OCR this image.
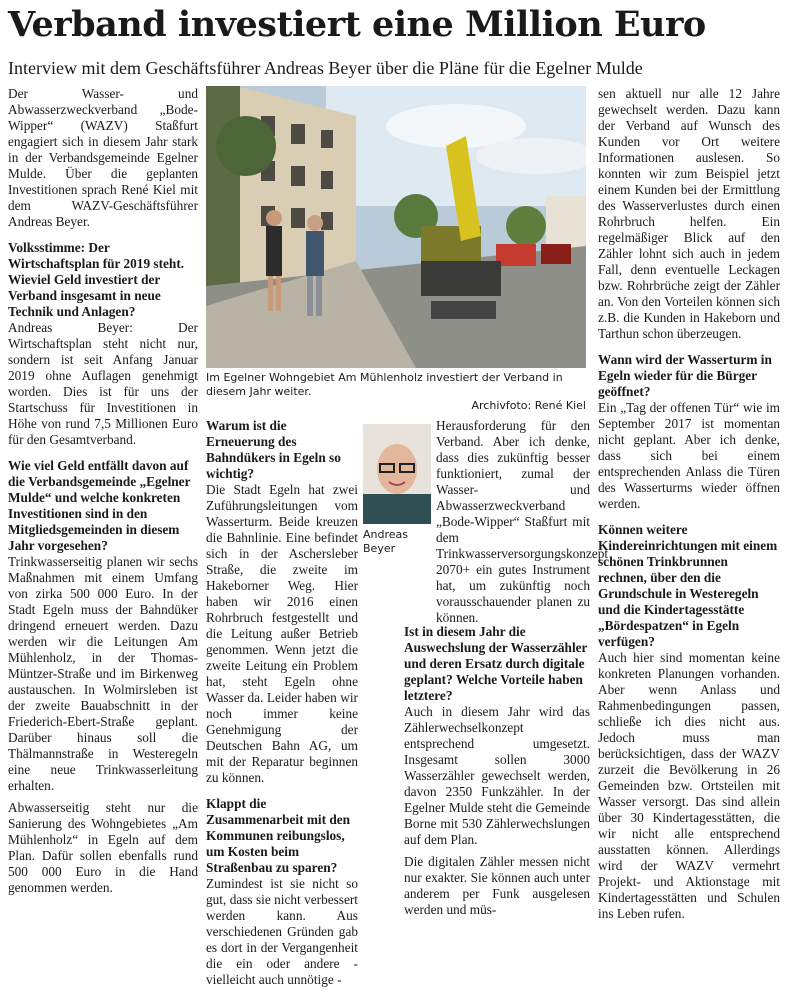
Verband investiert eine Million Euro
Interview mit dem Geschäftsführer Andreas Beyer über die Pläne für die Egelner Mulde

Der Wasser- und Abwasserzweckverband „Bode-Wipper“ (WAZV) Staßfurt engagiert sich in diesem Jahr stark in der Verbandsgemeinde Egelner Mulde. Über die geplanten Investitionen sprach René Kiel mit dem WAZV-Geschäftsführer Andreas Beyer.

Volksstimme: Der Wirtschaftsplan für 2019 steht. Wieviel Geld investiert der Verband insgesamt in neue Technik und Anlagen?

Andreas Beyer: Der Wirtschaftsplan steht nicht nur, sondern ist seit Anfang Januar 2019 ohne Auflagen genehmigt worden. Dies ist für uns der Startschuss für Investitionen in Höhe von rund 7,5 Millionen Euro für den Gesamtverband.

Wie viel Geld entfällt davon auf die Verbandsgemeinde „Egelner Mulde“ und welche konkreten Investitionen sind in den Mitgliedsgemeinden in diesem Jahr vorgesehen?

Trinkwasserseitig planen wir sechs Maßnahmen mit einem Umfang von zirka 500 000 Euro. In der Stadt Egeln muss der Bahndüker dringend erneuert werden. Dazu werden wir die Leitungen Am Mühlenholz, in der Thomas-Müntzer-Straße und im Birkenweg austauschen. In Wolmirsleben ist der zweite Bauabschnitt in der Friederich-Ebert-Straße geplant. Darüber hinaus soll die Thälmannstraße in Westeregeln eine neue Trinkwasserleitung erhalten.

Abwasserseitig steht nur die Sanierung des Wohngebietes „Am Mühlenholz“ in Egeln auf dem Plan. Dafür sollen ebenfalls rund 500 000 Euro in die Hand genommen werden.

Im Egelner Wohngebiet Am Mühlenholz investiert der Verband in diesem Jahr weiter.
Archivfoto: René Kiel
Warum ist die Erneuerung des Bahndükers in Egeln so wichtig?

Die Stadt Egeln hat zwei Zuführungsleitungen vom Wasserturm. Beide kreuzen die Bahnlinie. Eine befindet sich in der Aschersleber Straße, die zweite im Hakeborner Weg. Hier haben wir 2016 einen Rohrbruch festgestellt und die Leitung außer Betrieb genommen. Wenn jetzt die zweite Leitung ein Problem hat, steht Egeln ohne Wasser da. Leider haben wir noch immer keine Genehmigung der Deutschen Bahn AG, um mit der Reparatur beginnen zu können.

Klappt die Zusammenarbeit mit den Kommunen reibungslos, um Kosten beim Straßenbau zu sparen?

Zumindest ist sie nicht so gut, dass sie nicht verbessert werden kann. Aus verschiedenen Gründen gab es dort in der Vergangenheit die ein oder andere - vielleicht auch unnötige -

Andreas
Beyer

Herausforderung für den Verband. Aber ich denke, dass dies zukünftig besser funktioniert, zumal der Wasser- und Abwasserzweckverband „Bode-Wipper“ Staßfurt mit dem Trinkwasserversorgungskonzept 2070+ ein gutes Instrument hat, um zukünftig noch vorausschauender planen zu können.

Ist in diesem Jahr die Auswechslung der Wasserzähler und deren Ersatz durch digitale geplant? Welche Vorteile haben letztere?

Auch in diesem Jahr wird das Zählerwechselkonzept entsprechend umgesetzt. Insgesamt sollen 3000 Wasserzähler gewechselt werden, davon 2350 Funkzähler. In der Egelner Mulde steht die Gemeinde Borne mit 530 Zählerwechslungen auf dem Plan.

Die digitalen Zähler messen nicht nur exakter. Sie können auch unter anderem per Funk ausgelesen werden und müs-

sen aktuell nur alle 12 Jahre gewechselt werden. Dazu kann der Verband auf Wunsch des Kunden vor Ort weitere Informationen auslesen. So konnten wir zum Beispiel jetzt einem Kunden bei der Ermittlung des Wasserverlustes durch einen Rohrbruch helfen. Ein regelmäßiger Blick auf den Zähler lohnt sich auch in jedem Fall, denn eventuelle Leckagen bzw. Rohrbrüche zeigt der Zähler an. Von den Vorteilen können sich z.B. die Kunden in Hakeborn und Tarthun schon überzeugen.

Wann wird der Wasserturm in Egeln wieder für die Bürger geöffnet?

Ein „Tag der offenen Tür“ wie im September 2017 ist momentan nicht geplant. Aber ich denke, dass sich bei einem entsprechenden Anlass die Türen des Wasserturms wieder öffnen werden.

Können weitere Kindereinrichtungen mit einem schönen Trinkbrunnen rechnen, über den die Grundschule in Westeregeln und die Kindertagesstätte „Bördespatzen“ in Egeln verfügen?

Auch hier sind momentan keine konkreten Planungen vorhanden. Aber wenn Anlass und Rahmenbedingungen passen, schließe ich dies nicht aus. Jedoch muss man berücksichtigen, dass der WAZV zurzeit die Bevölkerung in 26 Gemeinden bzw. Ortsteilen mit Wasser versorgt. Das sind allein über 30 Kindertagesstätten, die wir nicht alle entsprechend ausstatten können. Allerdings wird der WAZV vermehrt Projekt- und Aktionstage mit Kindertagesstätten und Schulen ins Leben rufen.
